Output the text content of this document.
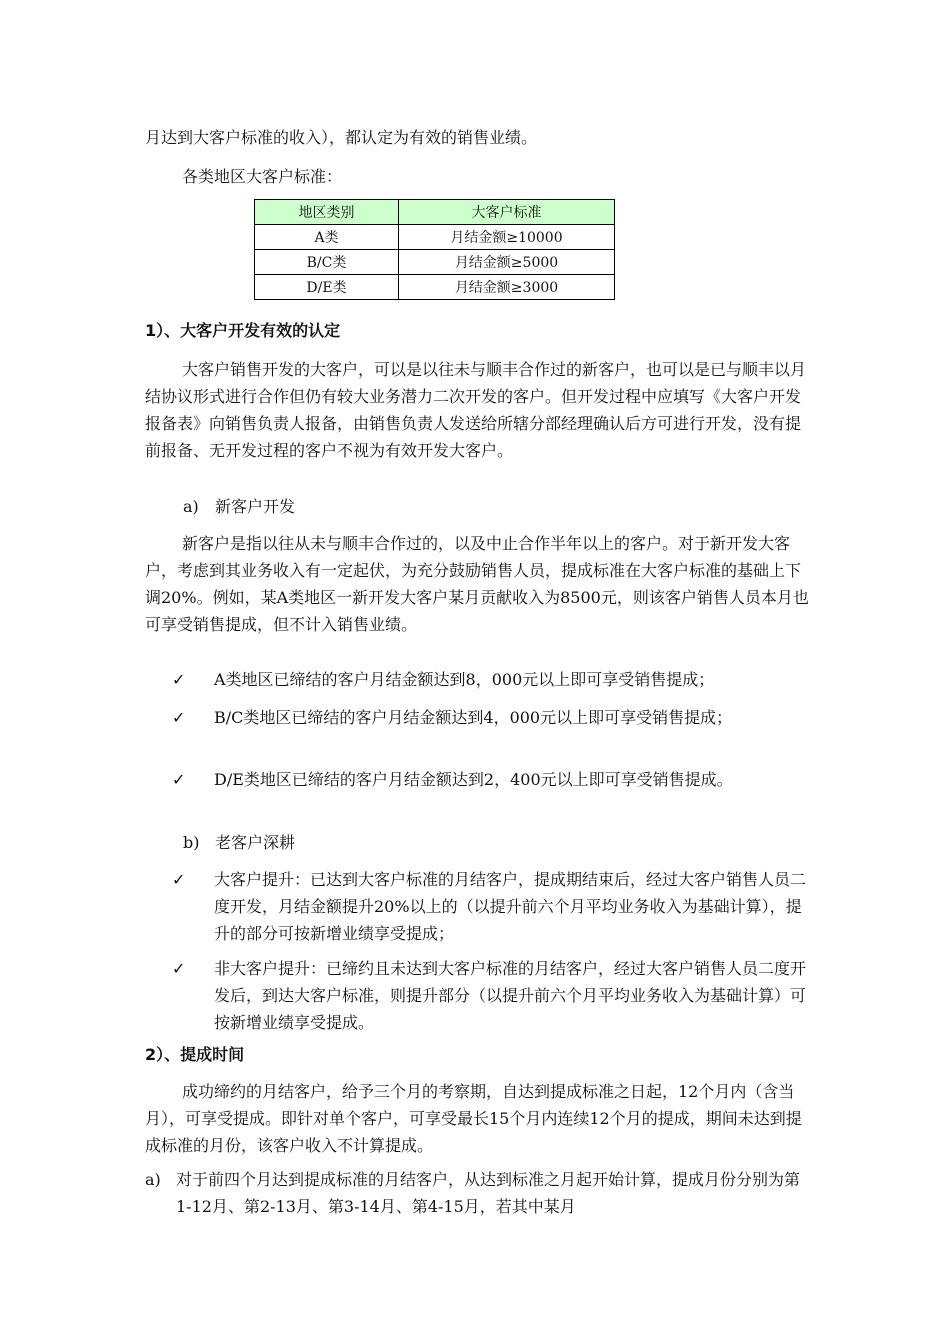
月达到大客户标准的收入），都认定为有效的销售业绩。

各类地区大客户标准：

地区类别	大客户标准
A类	月结金额≥10000
B/C类	月结金额≥5000
D/E类	月结金额≥3000
1）、大客户开发有效的认定

大客户销售开发的大客户，可以是以往未与顺丰合作过的新客户，也可以是已与顺丰以月结协议形式进行合作但仍有较大业务潜力二次开发的客户。但开发过程中应填写《大客户开发报备表》向销售负责人报备，由销售负责人发送给所辖分部经理确认后方可进行开发，没有提前报备、无开发过程的客户不视为有效开发大客户。

a) 新客户开发

新客户是指以往从未与顺丰合作过的，以及中止合作半年以上的客户。对于新开发大客户，考虑到其业务收入有一定起伏，为充分鼓励销售人员，提成标准在大客户标准的基础上下调20%。例如，某A类地区一新开发大客户某月贡献收入为8500元，则该客户销售人员本月也可享受销售提成，但不计入销售业绩。

✓	A类地区已缔结的客户月结金额达到8，000元以上即可享受销售提成；
✓	B/C类地区已缔结的客户月结金额达到4，000元以上即可享受销售提成；
✓	D/E类地区已缔结的客户月结金额达到2，400元以上即可享受销售提成。
b) 老客户深耕
✓	大客户提升：已达到大客户标准的月结客户，提成期结束后，经过大客户销售人员二度开发，月结金额提升20%以上的（以提升前六个月平均业务收入为基础计算），提升的部分可按新增业绩享受提成；
✓	非大客户提升：已缔约且未达到大客户标准的月结客户，经过大客户销售人员二度开发后，到达大客户标准，则提升部分（以提升前六个月平均业务收入为基础计算）可按新增业绩享受提成。
2）、提成时间

成功缔约的月结客户，给予三个月的考察期，自达到提成标准之日起，12个月内（含当月），可享受提成。即针对单个客户，可享受最长15个月内连续12个月的提成，期间未达到提成标准的月份，该客户收入不计算提成。

a) 对于前四个月达到提成标准的月结客户，从达到标准之月起开始计算，提成月份分别为第1-12月、第2-13月、第3-14月、第4-15月，若其中某月
